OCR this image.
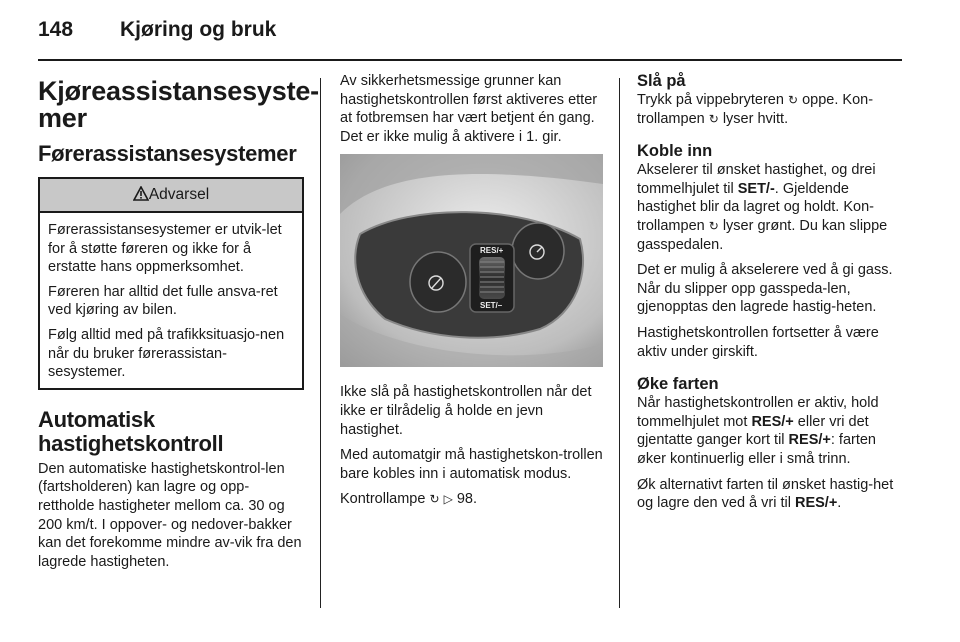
148 Kjøring og bruk
Kjøreassistansesyste-mer
Førerassistansesystemer
Advarsel

Førerassistansesystemer er utvik-let for å støtte føreren og ikke for å erstatte hans oppmerksomhet.

Føreren har alltid det fulle ansva-ret ved kjøring av bilen.

Følg alltid med på trafikksituasjo-nen når du bruker førerassistan-sesystemer.

Automatisk hastighetskontroll

Den automatiske hastighetskontrol-len (fartsholderen) kan lagre og opp-rettholde hastigheter mellom ca. 30 og 200 km/t. I oppover- og nedover-bakker kan det forekomme mindre av-vik fra den lagrede hastigheten.

Av sikkerhetsmessige grunner kan hastighetskontrollen først aktiveres etter at fotbremsen har vært betjent én gang. Det er ikke mulig å aktivere i 1. gir.

RES/+
SET/–

Ikke slå på hastighetskontrollen når det ikke er tilrådelig å holde en jevn hastighet.

Med automatgir må hastighetskon-trollen bare kobles inn i automatisk modus.

Kontrollampe ↻ ▷ 98.

Slå på

Trykk på vippebryteren ↻ oppe. Kon-trollampen ↻ lyser hvitt.

Koble inn

Akselerer til ønsket hastighet, og drei tommelhjulet til SET/-. Gjeldende hastighet blir da lagret og holdt. Kon-trollampen ↻ lyser grønt. Du kan slippe gasspedalen.

Det er mulig å akselerere ved å gi gass. Når du slipper opp gasspeda-len, gjenopptas den lagrede hastig-heten.

Hastighetskontrollen fortsetter å være aktiv under girskift.

Øke farten

Når hastighetskontrollen er aktiv, hold tommelhjulet mot RES/+ eller vri det gjentatte ganger kort til RES/+: farten øker kontinuerlig eller i små trinn.

Øk alternativt farten til ønsket hastig-het og lagre den ved å vri til RES/+.
